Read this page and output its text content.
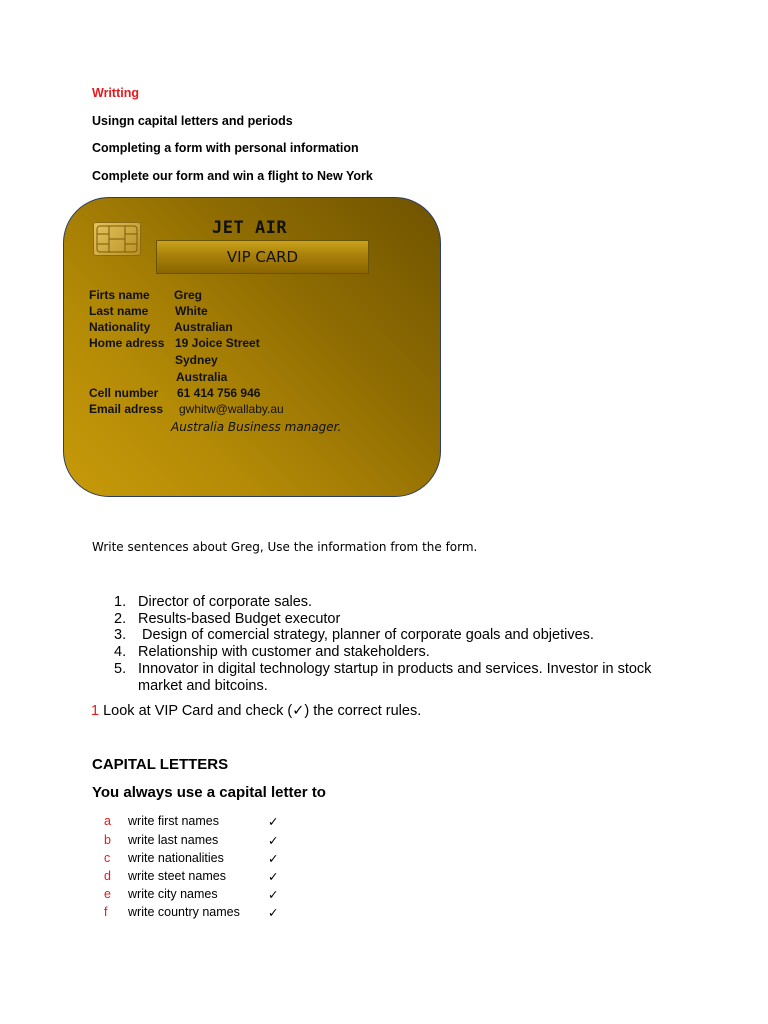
Writting
Usingn capital letters and periods
Completing a form with personal information
Complete our form and win a flight to New York
JET AIR
VIP CARD
Firts name Greg
Last name White
Nationality Australian
Home adress 19 Joice Street
Sydney
Australia
Cell number 61 414 756 946
Email adress gwhitw@wallaby.au
Australia Business manager.
Write sentences about Greg, Use the information from the form.
1. Director of corporate sales.
2. Results-based Budget executor
3. Design of comercial strategy, planner of corporate goals and objetives.
4. Relationship with customer and stakeholders.
5. Innovator in digital technology startup in products and services. Investor in stock
market and bitcoins.
1 Look at VIP Card and check (✓) the correct rules.
CAPITAL LETTERS
You always use a capital letter to
a write first names	✓
b write last names	✓
c write nationalities	✓
d write steet names	✓
e write city names	✓
f write country names ✓
